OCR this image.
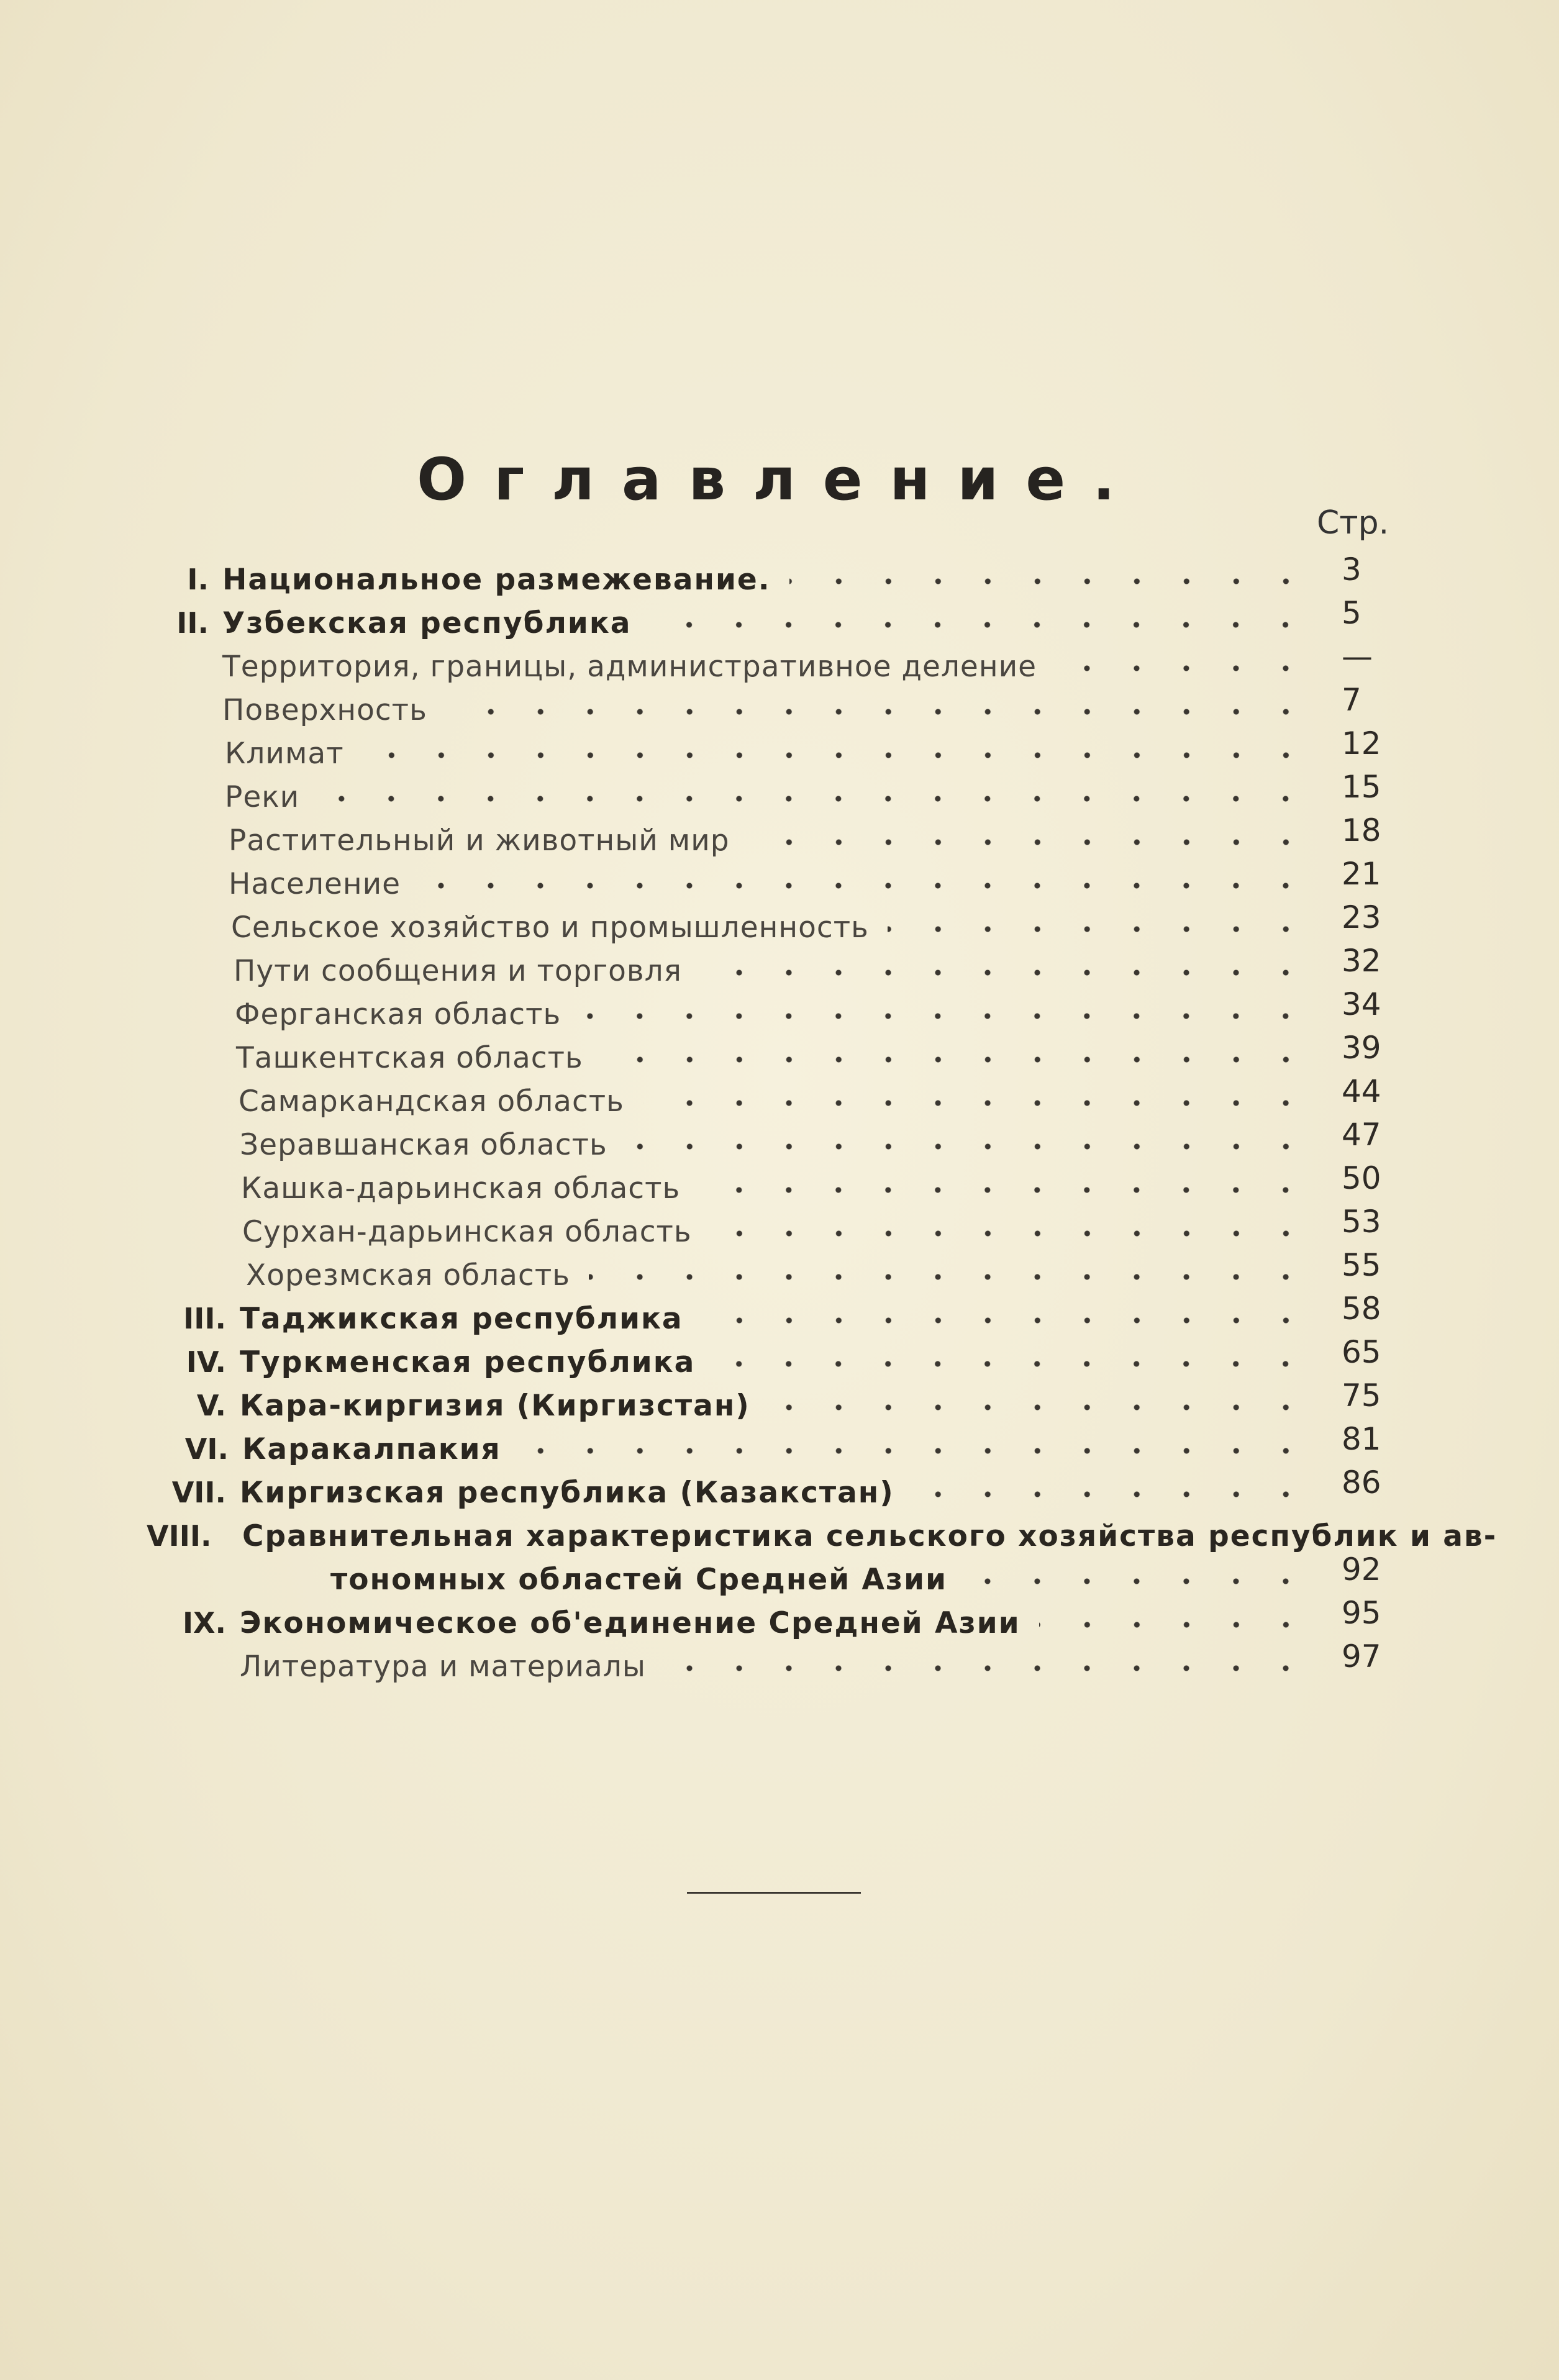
Оглавление.
Стр.
I. Национальное размежевание.	3
II. Узбекская республика	5
Территория, границы, административное деление	—
Поверхность	7
Климат	12
Реки	15
Растительный и животный мир	18
Население	21
Сельское хозяйство и промышленность	23
Пути сообщения и торговля	32
Ферганская область	34
Ташкентская область	39
Самаркандская область	44
Зеравшанская область	47
Кашка-дарьинская область	50
Сурхан-дарьинская область	53
Хорезмская область	55
III. Таджикская республика	58
IV. Туркменская республика	65
V. Кара-киргизия (Киргизстан)	75
VI. Каракалпакия	81
VII. Киргизская республика (Казакстан)	86
VIII. Сравнительная характеристика сельского хозяйства республик и ав-
тономных областей Средней Азии	92
IX. Экономическое об'единение Средней Азии	95
Литература и материалы	97
